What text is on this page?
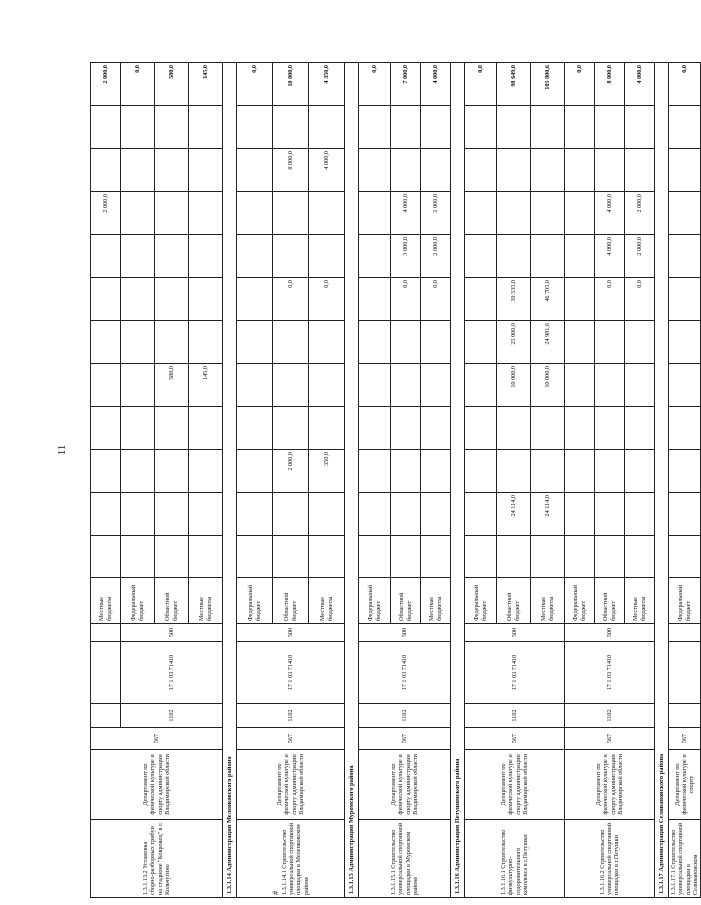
11
1.3.1.13.2 Установка сборно-разборных трибун на стадионе "Ковровец" в г. Кольчугино	Департамент по физической культуре и спорту администрации Владимирской области	567				Местные бюджеты									2 000,0			2 000,0
			1102	17 1 03 71410	500	Федеральный бюджет												0,0
						Областной бюджет					580,0							580,0
						Местные бюджеты					145,0							145,0
1.3.1.14 Администрация Меленковского района																		
#
1.3.1.14.1 Строительство универсальной спортивной площадки в Меленковском районе	Департамент по физической культуре и спорту администрации Владимирской области	567	1102	17 1 03 71410	500	Федеральный бюджет												0,0
						Областной бюджет			2 000,0				0,0			8 000,0		10 000,0
						Местные бюджеты			350,0				0,0			4 000,0		4 350,0
1.3.1.15 Администрация Муромского района																		
1.3.1.15.1 Строительство универсальной спортивной площадки в Муромском районе	Департамент по физической культуре и спорту администрации Владимирской области	567	1102	17 1 03 71410	500	Федеральный бюджет												0,0
						Областной бюджет							0,0	3 000,0	4 000,0			7 000,0
						Местные бюджеты							0,0	2 000,0	2 000,0			4 000,0
1.3.1.16 Администрация Петушинского района																		
1.3.1.16.1 Строительство физкультурно-оздоровительного комплекса в г.Петушки	Департамент по физической культуре и спорту администрации Владимирской области	567	1102	17 1 03 71410	500	Федеральный бюджет												0,0
						Областной бюджет		24 114,0			10 000,0	25 000,0	39 535,0					98 649,0
						Местные бюджеты		24 114,0			10 000,0	24 981,6	46 705,0					105 800,6
1.3.1.16.2 Строительство универсальной спортивной площадки в г.Петушки	Департамент по физической культуре и спорту администрации Владимирской области	567	1102	17 1 03 71410	500	Федеральный бюджет												0,0
						Областной бюджет							0,0	4 000,0	4 000,0			8 000,0
						Местные бюджеты							0,0	2 000,0	2 000,0			4 000,0
1.3.1.17 Администрация Селивановского района																		
1.3.1.17.1 Строительство универсальной спортивной площадки в Селивановском	Департамент по физической культуре и спорту	567				Федеральный бюджет												0,0
